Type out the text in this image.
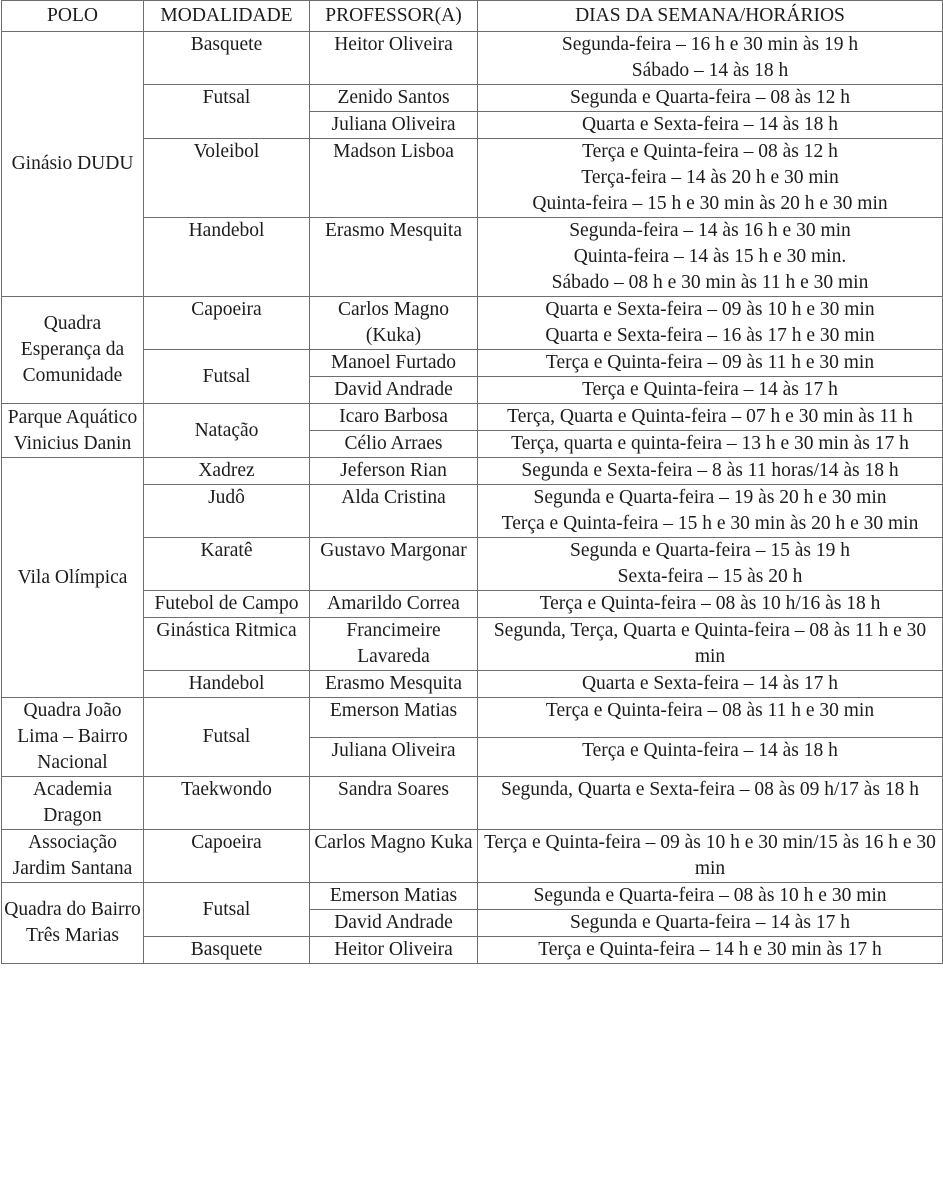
POLO	MODALIDADE	PROFESSOR(A)	DIAS DA SEMANA/HORÁRIOS
Ginásio DUDU	Basquete	Heitor Oliveira	Segunda-feira – 16 h e 30 min às 19 h
Sábado – 14 às 18 h

	Futsal	Zenido Santos	Segunda e Quarta-feira – 08 às 12 h

		Juliana Oliveira	Quarta e Sexta-feira – 14 às 18 h

	Voleibol	Madson Lisboa	Terça e Quinta-feira – 08 às 12 h
Terça-feira – 14 às 20 h e 30 min
Quinta-feira – 15 h e 30 min às 20 h e 30 min

	Handebol	Erasmo Mesquita	Segunda-feira – 14 às 16 h e 30 min
Quinta-feira – 14 às 15 h e 30 min.
Sábado – 08 h e 30 min às 11 h e 30 min

Quadra Esperança da Comunidade	Capoeira	Carlos Magno (Kuka)	Quarta e Sexta-feira – 09 às 10 h e 30 min
Quarta e Sexta-feira – 16 às 17 h e 30 min

	Futsal	Manoel Furtado	Terça e Quinta-feira – 09 às 11 h e 30 min

		David Andrade	Terça e Quinta-feira – 14 às 17 h

Parque Aquático Vinicius Danin	Natação	Icaro Barbosa	Terça, Quarta e Quinta-feira – 07 h e 30 min às 11 h

		Célio Arraes	Terça, quarta e quinta-feira – 13 h e 30 min às 17 h

Vila Olímpica	Xadrez	Jeferson Rian	Segunda e Sexta-feira – 8 às 11 horas/14 às 18 h

	Judô	Alda Cristina	Segunda e Quarta-feira – 19 às 20 h e 30 min
Terça e Quinta-feira – 15 h e 30 min às 20 h e 30 min

	Karatê	Gustavo Margonar	Segunda e Quarta-feira – 15 às 19 h
Sexta-feira – 15 às 20 h

	Futebol de Campo	Amarildo Correa	Terça e Quinta-feira – 08 às 10 h/16 às 18 h

	Ginástica Ritmica	Francimeire Lavareda	Segunda, Terça, Quarta e Quinta-feira – 08 às 11 h e 30 min

	Handebol	Erasmo Mesquita	Quarta e Sexta-feira – 14 às 17 h

Quadra João Lima – Bairro Nacional	Futsal	Emerson Matias	Terça e Quinta-feira – 08 às 11 h e 30 min

		Juliana Oliveira	Terça e Quinta-feira – 14 às 18 h

Academia Dragon	Taekwondo	Sandra Soares	Segunda, Quarta e Sexta-feira – 08 às 09 h/17 às 18 h

Associação Jardim Santana	Capoeira	Carlos Magno Kuka	Terça e Quinta-feira – 09 às 10 h e 30 min/15 às 16 h e 30 min

Quadra do Bairro Três Marias	Futsal	Emerson Matias	Segunda e Quarta-feira – 08 às 10 h e 30 min

		David Andrade	Segunda e Quarta-feira – 14 às 17 h

	Basquete	Heitor Oliveira	Terça e Quinta-feira – 14 h e 30 min às 17 h
